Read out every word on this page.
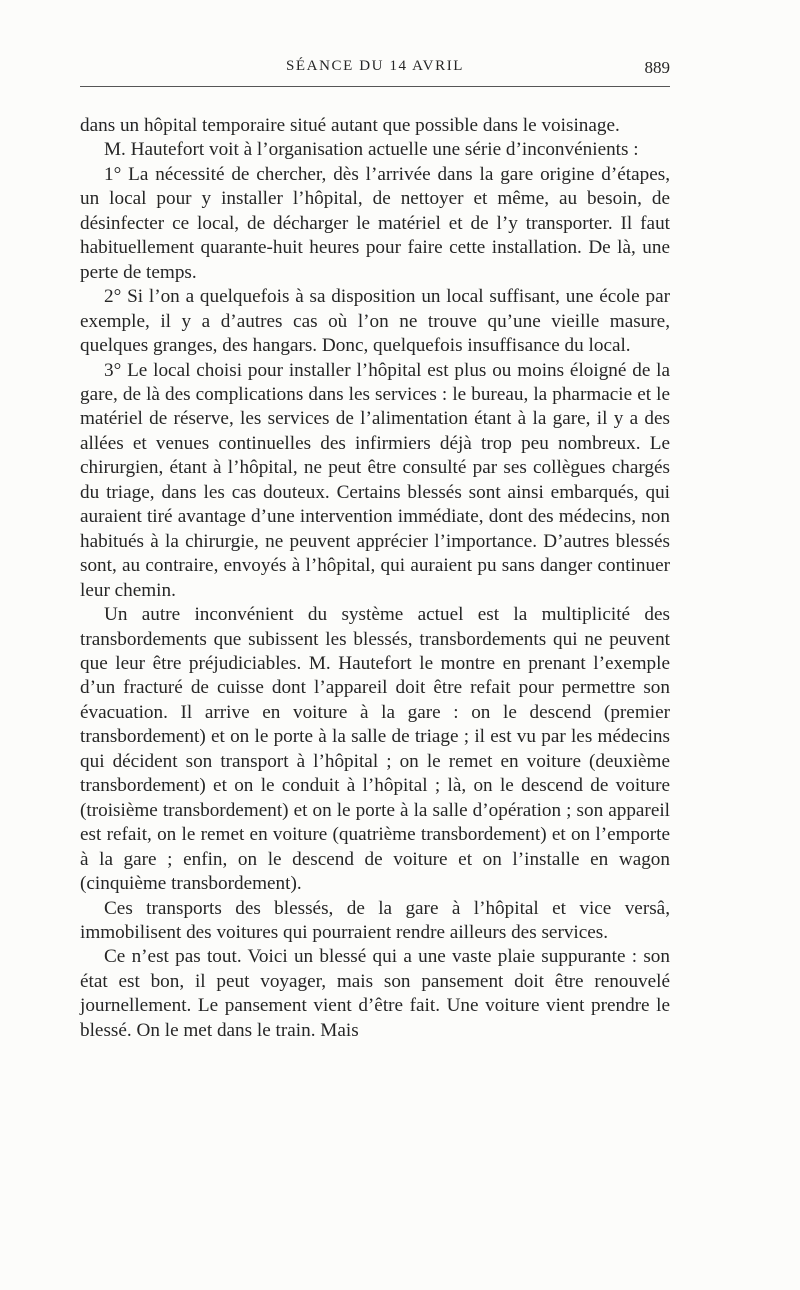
SÉANCE DU 14 AVRIL	889

dans un hôpital temporaire situé autant que possible dans le voisinage.

M. Hautefort voit à l’organisation actuelle une série d’inconvénients :

1° La nécessité de chercher, dès l’arrivée dans la gare origine d’étapes, un local pour y installer l’hôpital, de nettoyer et même, au besoin, de désinfecter ce local, de décharger le matériel et de l’y transporter. Il faut habituellement quarante-huit heures pour faire cette installation. De là, une perte de temps.

2° Si l’on a quelquefois à sa disposition un local suffisant, une école par exemple, il y a d’autres cas où l’on ne trouve qu’une vieille masure, quelques granges, des hangars. Donc, quelquefois insuffisance du local.

3° Le local choisi pour installer l’hôpital est plus ou moins éloigné de la gare, de là des complications dans les services : le bureau, la pharmacie et le matériel de réserve, les services de l’alimentation étant à la gare, il y a des allées et venues continuelles des infirmiers déjà trop peu nombreux. Le chirurgien, étant à l’hôpital, ne peut être consulté par ses collègues chargés du triage, dans les cas douteux. Certains blessés sont ainsi embarqués, qui auraient tiré avantage d’une intervention immédiate, dont des médecins, non habitués à la chirurgie, ne peuvent apprécier l’importance. D’autres blessés sont, au contraire, envoyés à l’hôpital, qui auraient pu sans danger continuer leur chemin.

Un autre inconvénient du système actuel est la multiplicité des transbordements que subissent les blessés, transbordements qui ne peuvent que leur être préjudiciables. M. Hautefort le montre en prenant l’exemple d’un fracturé de cuisse dont l’appareil doit être refait pour permettre son évacuation. Il arrive en voiture à la gare : on le descend (premier transbordement) et on le porte à la salle de triage ; il est vu par les médecins qui décident son transport à l’hôpital ; on le remet en voiture (deuxième transbordement) et on le conduit à l’hôpital ; là, on le descend de voiture (troisième transbordement) et on le porte à la salle d’opération ; son appareil est refait, on le remet en voiture (quatrième transbordement) et on l’emporte à la gare ; enfin, on le descend de voiture et on l’installe en wagon (cinquième transbordement).

Ces transports des blessés, de la gare à l’hôpital et vice versâ, immobilisent des voitures qui pourraient rendre ailleurs des services.

Ce n’est pas tout. Voici un blessé qui a une vaste plaie suppurante : son état est bon, il peut voyager, mais son pansement doit être renouvelé journellement. Le pansement vient d’être fait. Une voiture vient prendre le blessé. On le met dans le train. Mais
